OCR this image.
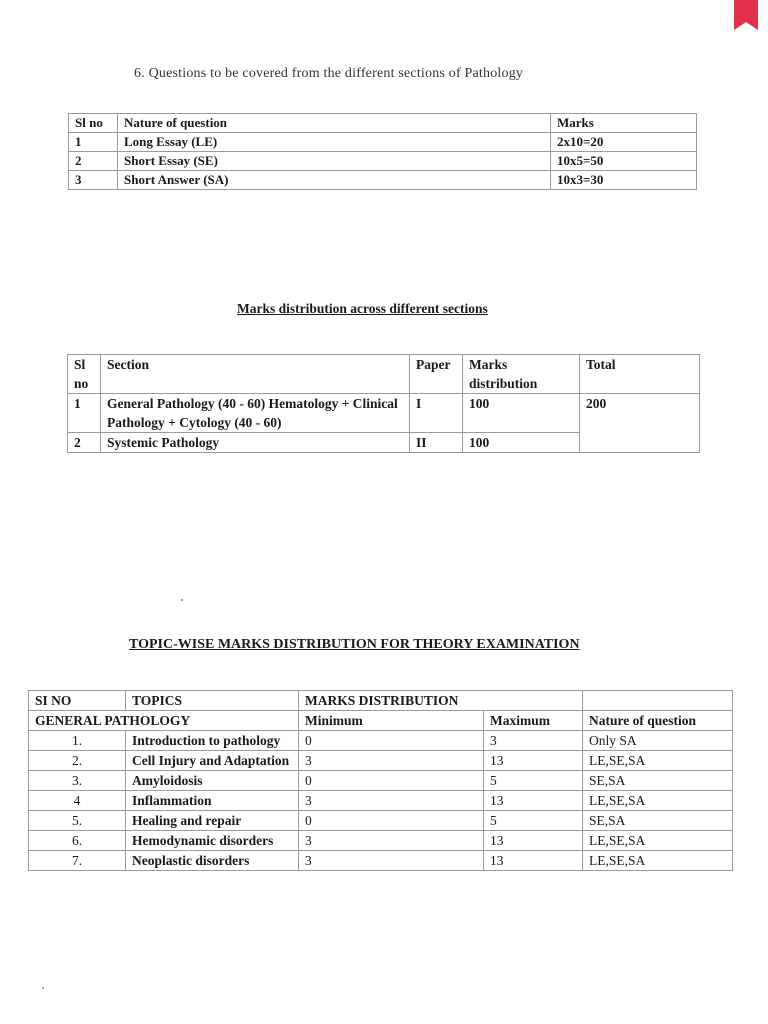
6. Questions to be covered from the different sections of Pathology
Sl no	Nature of question	Marks
1	Long Essay (LE)	2x10=20
2	Short Essay (SE)	10x5=50
3	Short Answer (SA)	10x3=30
Marks distribution across different sections
Sl no	Section	Paper	Marks distribution	Total
1	General Pathology (40 - 60) Hematology + Clinical Pathology + Cytology (40 - 60)	I	100	200
2	Systemic Pathology	II	100	
TOPIC-WISE MARKS DISTRIBUTION FOR THEORY EXAMINATION
SI NO	TOPICS	MARKS DISTRIBUTION		
GENERAL PATHOLOGY		Minimum	Maximum	Nature of question
1.	Introduction to pathology	0	3	Only SA
2.	Cell Injury and Adaptation	3	13	LE,SE,SA
3.	Amyloidosis	0	5	SE,SA
4	Inflammation	3	13	LE,SE,SA
5.	Healing and repair	0	5	SE,SA
6.	Hemodynamic disorders	3	13	LE,SE,SA
7.	Neoplastic disorders	3	13	LE,SE,SA
